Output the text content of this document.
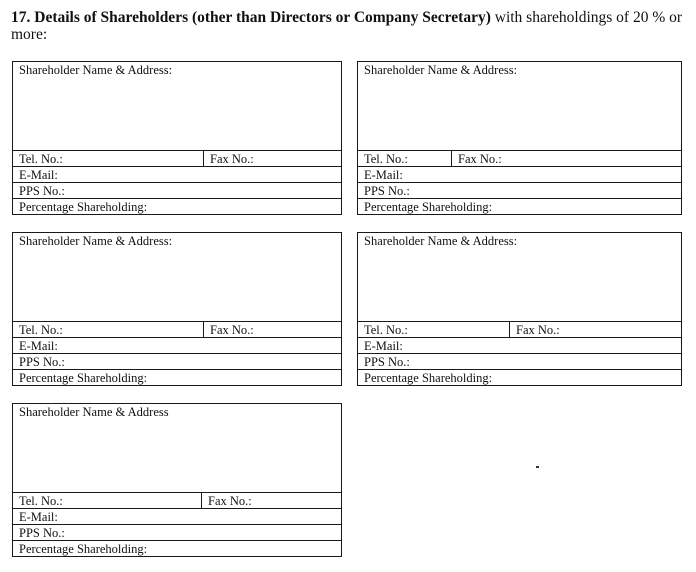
17. Details of Shareholders (other than Directors or Company Secretary) with shareholdings of 20 % or more:
Shareholder Name & Address:
Tel. No.:	Fax No.:
E-Mail:
PPS No.:
Percentage Shareholding:
Shareholder Name & Address:
Tel. No.:	Fax No.:
E-Mail:
PPS No.:
Percentage Shareholding:
Shareholder Name & Address:
Tel. No.:	Fax No.:
E-Mail:
PPS No.:
Percentage Shareholding:
Shareholder Name & Address:
Tel. No.:	Fax No.:
E-Mail:
PPS No.:
Percentage Shareholding:
Shareholder Name & Address
Tel. No.:	Fax No.:
E-Mail:
PPS No.:
Percentage Shareholding:
